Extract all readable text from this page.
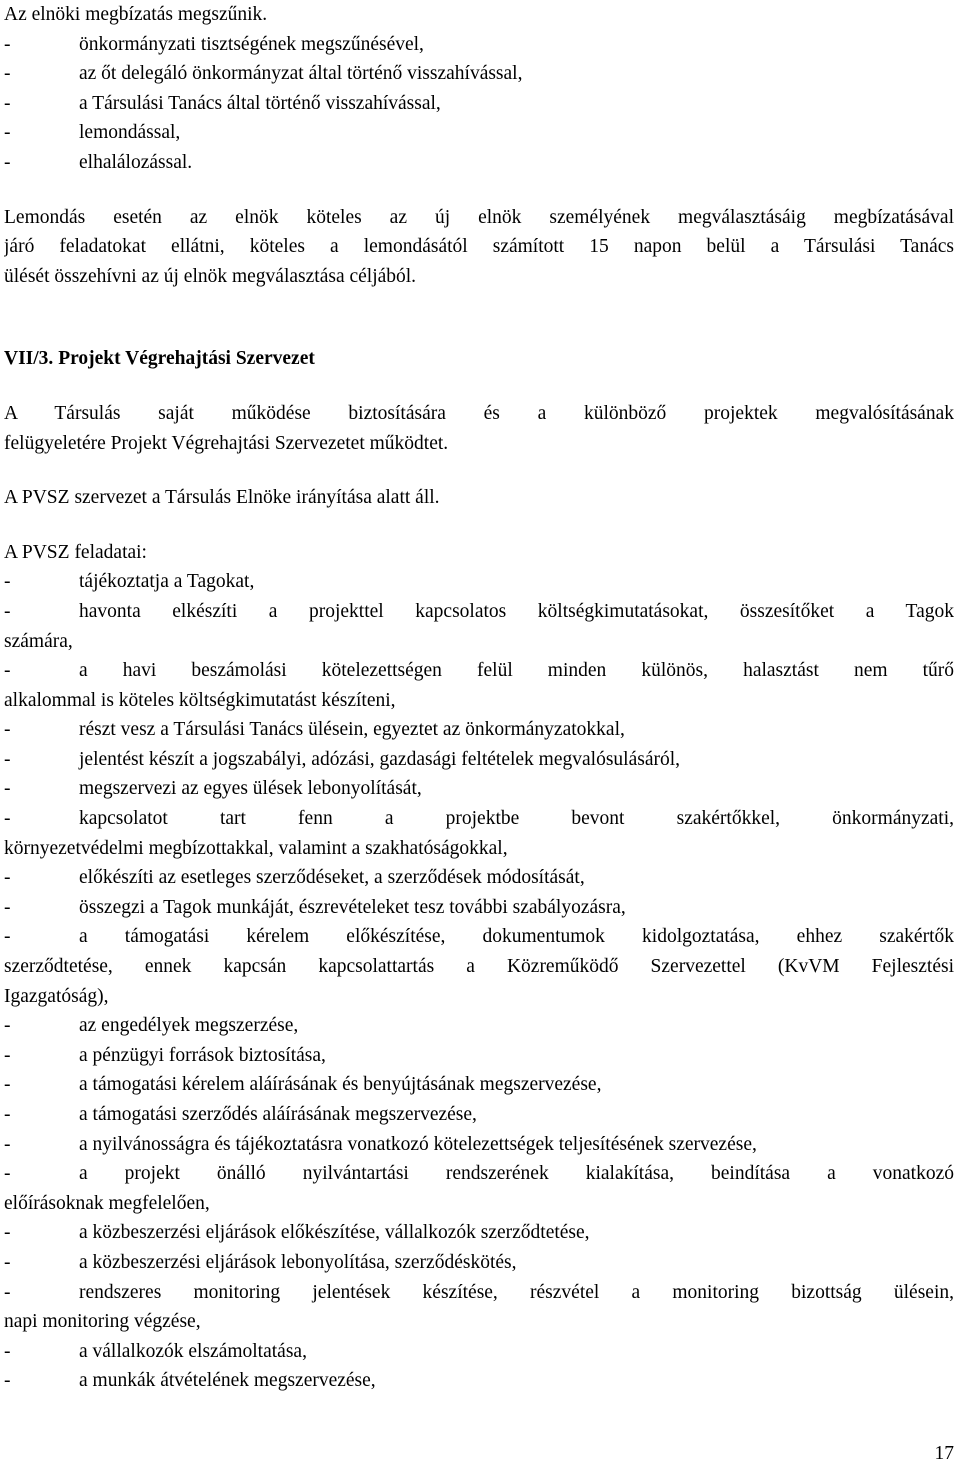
Az elnöki megbízatás megszűnik.
-	önkormányzati tisztségének megszűnésével,
-	az őt delegáló önkormányzat által történő visszahívással,
-	a Társulási Tanács által történő visszahívással,
-	lemondással,
-	elhalálozással.
Lemondás esetén az elnök köteles az új elnök személyének megválasztásáig megbízatásával
járó feladatokat ellátni, köteles a lemondásától számított 15 napon belül a Társulási Tanács
ülését összehívni az új elnök megválasztása céljából.
VII/3. Projekt Végrehajtási Szervezet
A Társulás saját működése biztosítására és a különböző projektek megvalósításának
felügyeletére Projekt Végrehajtási Szervezetet működtet.
A PVSZ szervezet a Társulás Elnöke irányítása alatt áll.
A PVSZ feladatai:
-	tájékoztatja a Tagokat,
-	havonta elkészíti a projekttel kapcsolatos költségkimutatásokat, összesítőket a Tagok
számára,
-	a havi beszámolási kötelezettségen felül minden különös, halasztást nem tűrő
alkalommal is köteles költségkimutatást készíteni,
-	részt vesz a Társulási Tanács ülésein, egyeztet az önkormányzatokkal,
-	jelentést készít a jogszabályi, adózási, gazdasági feltételek megvalósulásáról,
-	megszervezi az egyes ülések lebonyolítását,
-	kapcsolatot tart fenn a projektbe bevont szakértőkkel, önkormányzati,
környezetvédelmi megbízottakkal, valamint a szakhatóságokkal,
-	előkészíti az esetleges szerződéseket, a szerződések módosítását,
-	összegzi a Tagok munkáját, észrevételeket tesz további szabályozásra,
-	a támogatási kérelem előkészítése, dokumentumok kidolgoztatása, ehhez szakértők
szerződtetése, ennek kapcsán kapcsolattartás a Közreműködő Szervezettel (KvVM Fejlesztési
Igazgatóság),
-	az engedélyek megszerzése,
-	a pénzügyi források biztosítása,
-	a támogatási kérelem aláírásának és benyújtásának megszervezése,
-	a támogatási szerződés aláírásának megszervezése,
-	a nyilvánosságra és tájékoztatásra vonatkozó kötelezettségek teljesítésének szervezése,
-	a projekt önálló nyilvántartási rendszerének kialakítása, beindítása a vonatkozó
előírásoknak megfelelően,
-	a közbeszerzési eljárások előkészítése, vállalkozók szerződtetése,
-	a közbeszerzési eljárások lebonyolítása, szerződéskötés,
-	rendszeres monitoring jelentések készítése, részvétel a monitoring bizottság ülésein,
napi monitoring végzése,
-	a vállalkozók elszámoltatása,
-	a munkák átvételének megszervezése,
17
